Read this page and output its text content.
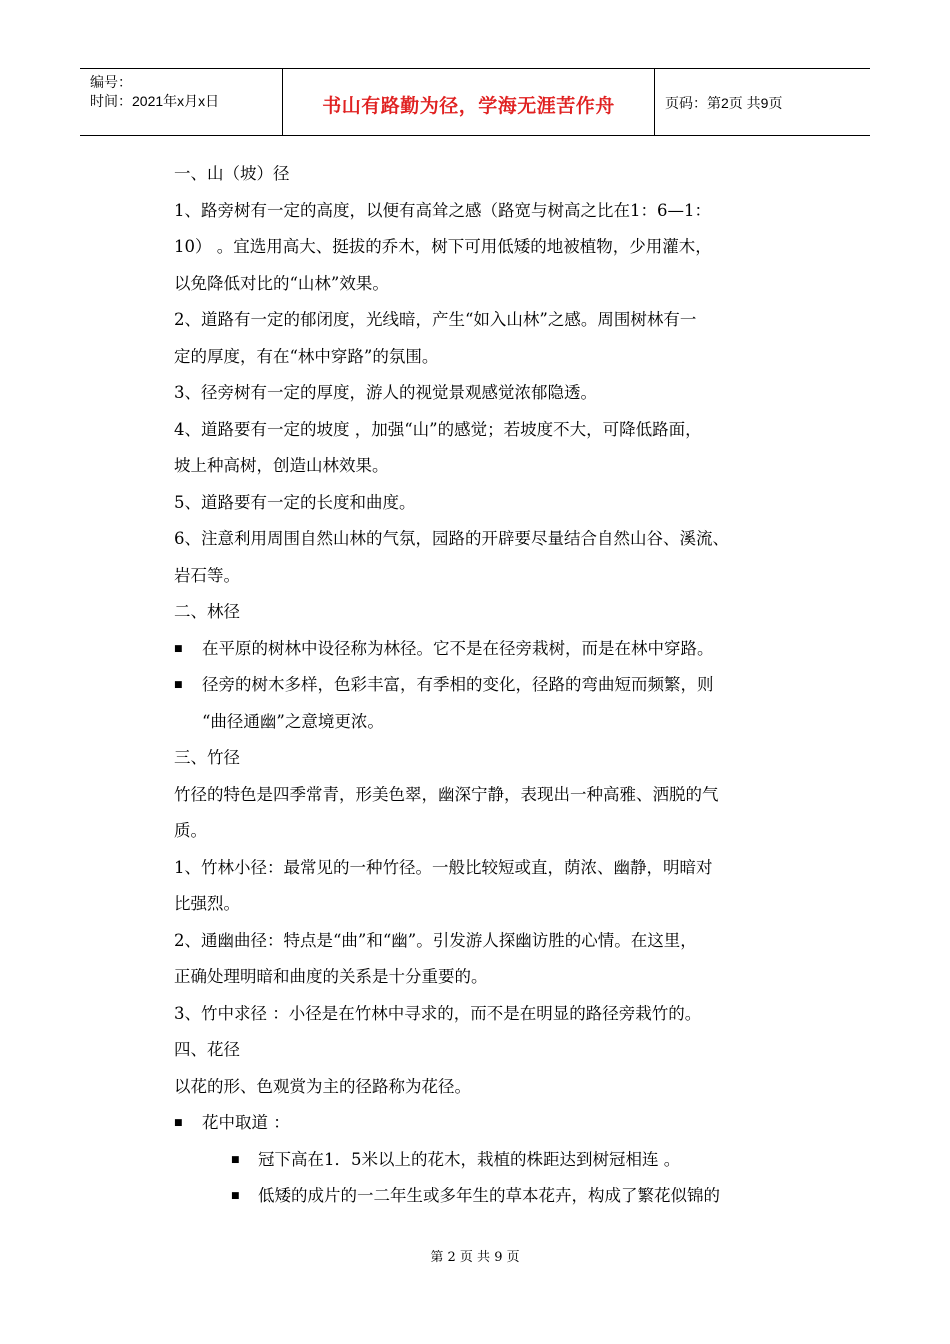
编号：
时间：2021年x月x日	书山有路勤为径，学海无涯苦作舟	页码：第2页 共9页

一、山（坡）径

1、路旁树有一定的高度，以便有高耸之感（路宽与树高之比在1：6—1：

10） 。宜选用高大、挺拔的乔木，树下可用低矮的地被植物，少用灌木，

以免降低对比的“山林”效果。

2、道路有一定的郁闭度，光线暗，产生“如入山林”之感。周围树林有一

定的厚度，有在“林中穿路”的氛围。

3、径旁树有一定的厚度，游人的视觉景观感觉浓郁隐透。

4、道路要有一定的坡度 ，加强“山”的感觉；若坡度不大，可降低路面，

坡上种高树，创造山林效果。

5、道路要有一定的长度和曲度。

6、注意利用周围自然山林的气氛，园路的开辟要尽量结合自然山谷、溪流、

岩石等。

二、林径

■
在平原的树林中设径称为林径。它不是在径旁栽树，而是在林中穿路。

■
径旁的树木多样，色彩丰富，有季相的变化，径路的弯曲短而频繁，则

“曲径通幽”之意境更浓。

三、竹径

竹径的特色是四季常青，形美色翠，幽深宁静，表现出一种高雅、洒脱的气

质。

1、竹林小径：最常见的一种竹径。一般比较短或直，荫浓、幽静，明暗对

比强烈。

2、通幽曲径：特点是“曲”和“幽”。引发游人探幽访胜的心情。在这里，

正确处理明暗和曲度的关系是十分重要的。

3、竹中求径 ：小径是在竹林中寻求的，而不是在明显的路径旁栽竹的。

四、花径

以花的形、色观赏为主的径路称为花径。

■
花中取道 ：

■
冠下高在1．5米以上的花木，栽植的株距达到树冠相连 。

■
低矮的成片的一二年生或多年生的草本花卉，构成了繁花似锦的

第 2 页 共 9 页
